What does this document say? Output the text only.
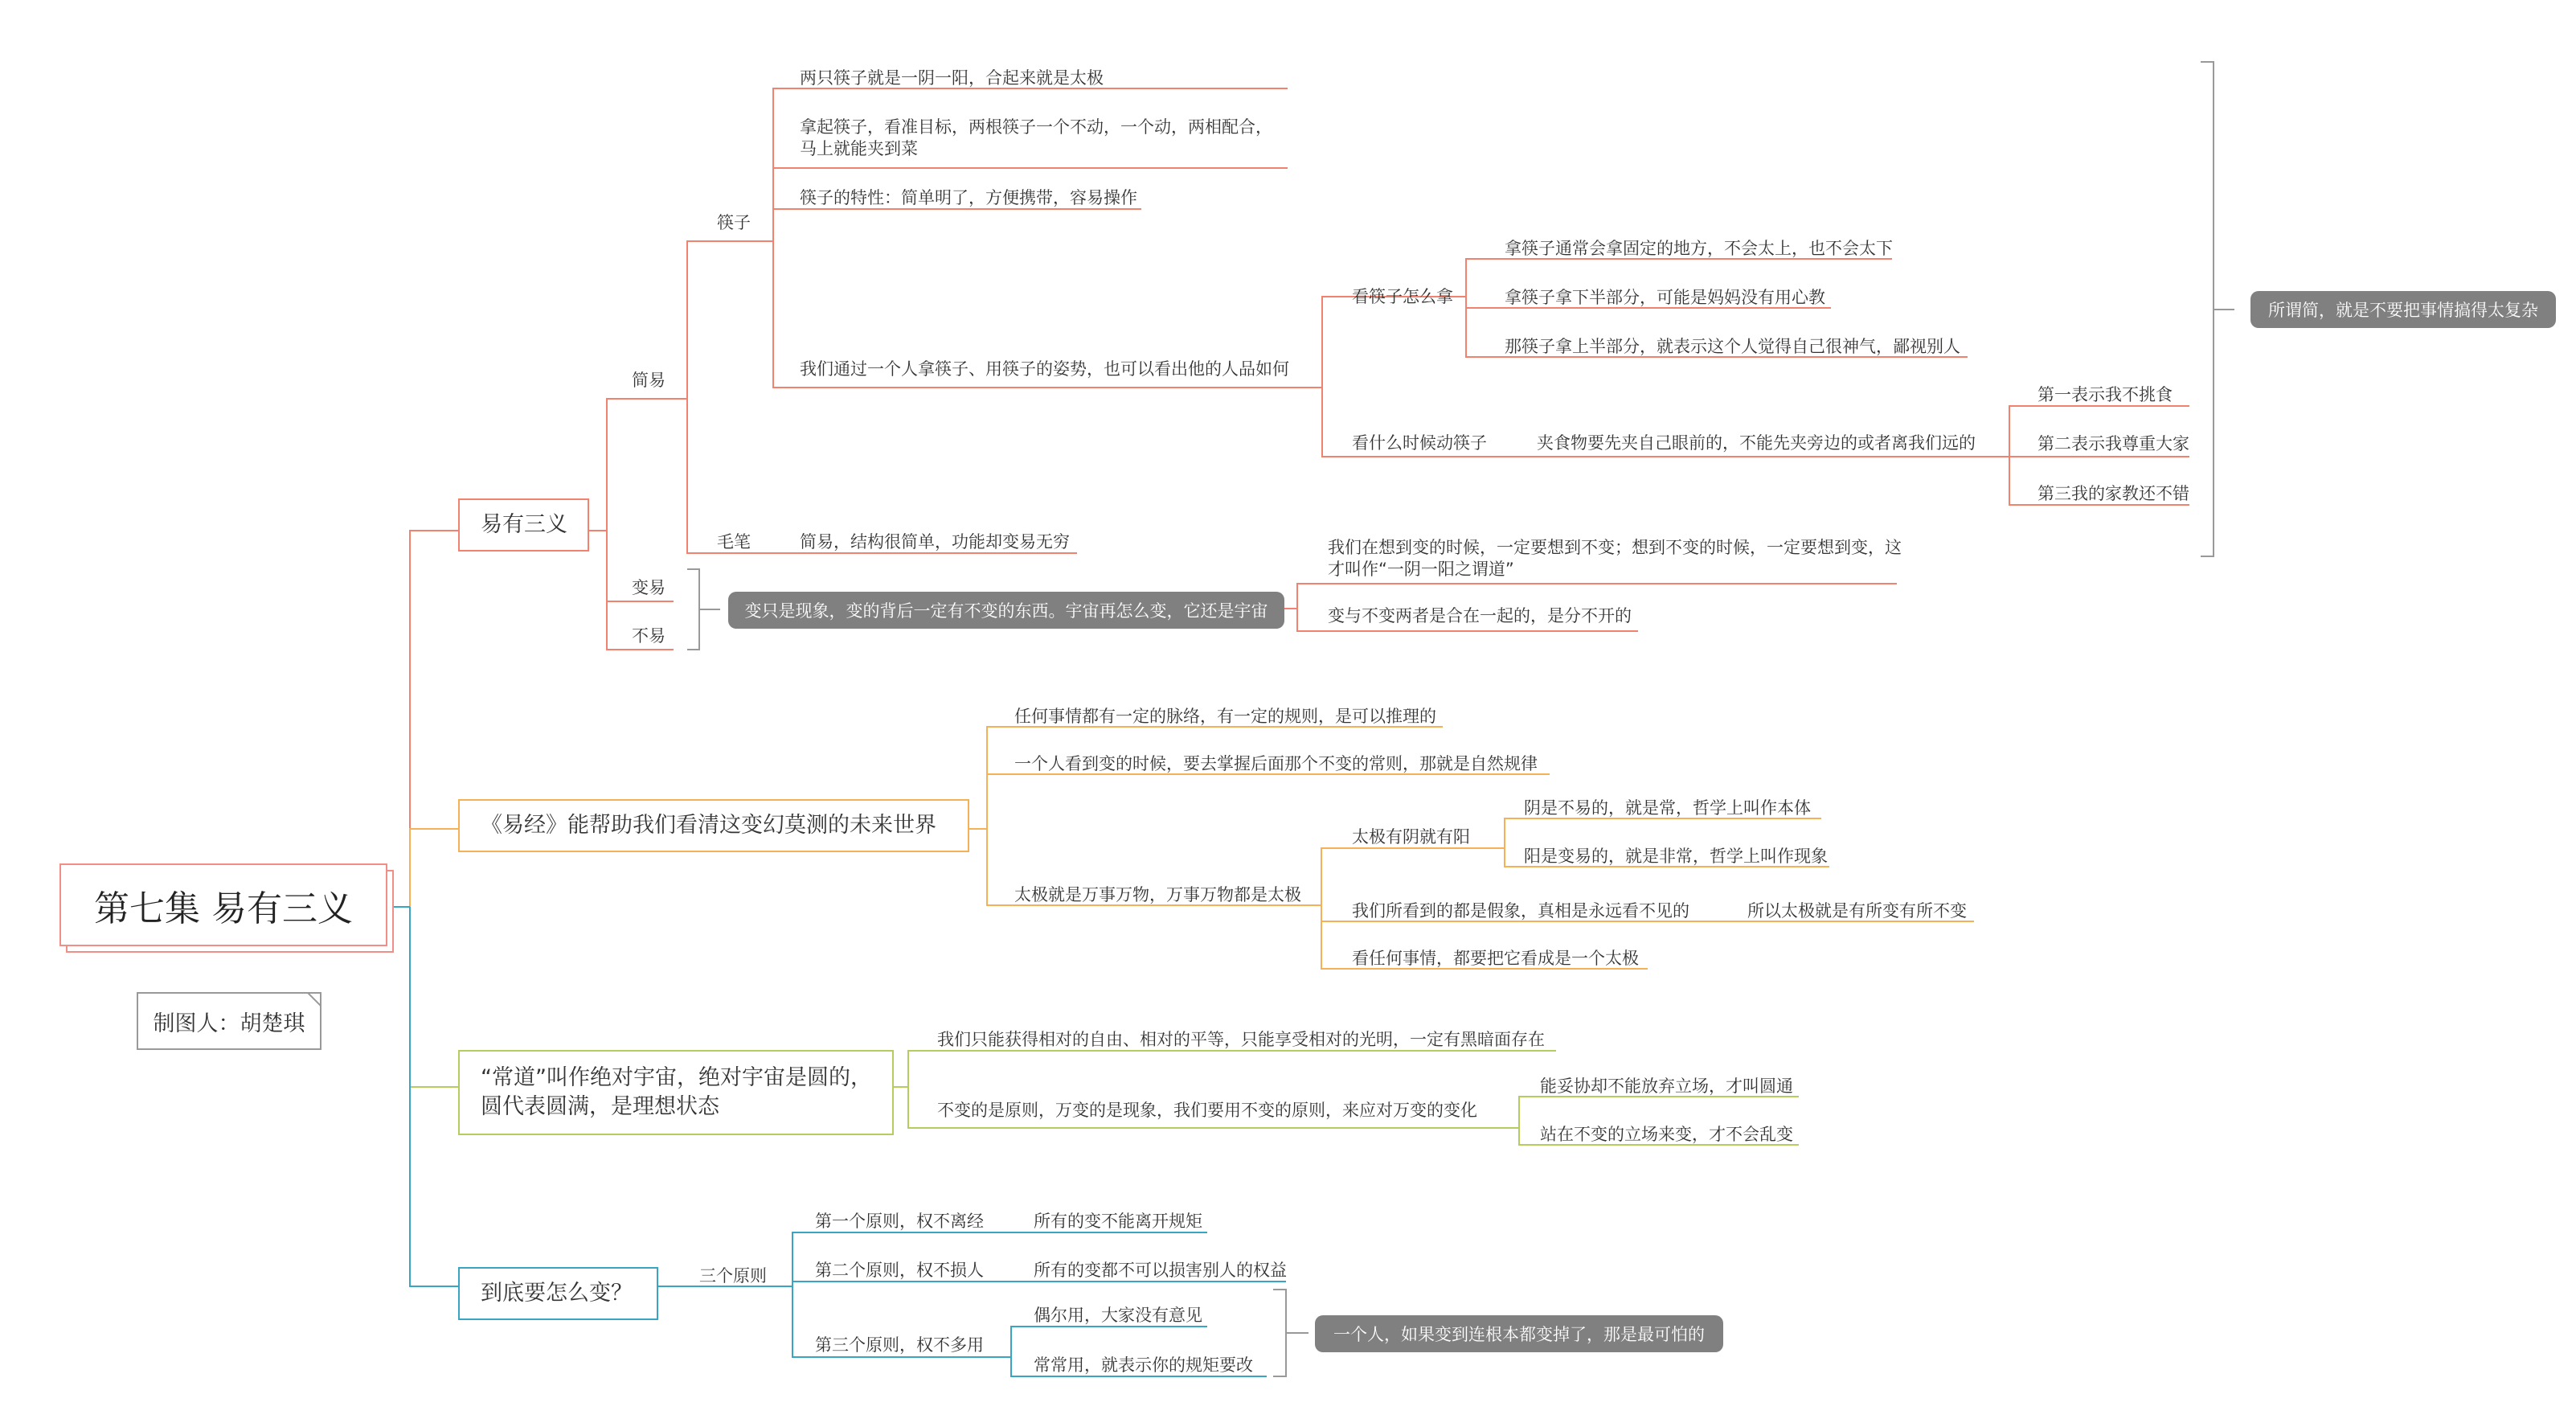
第七集 易有三义
制图人：胡楚琪
易有三义
简易
筷子
两只筷子就是一阴一阳，合起来就是太极
拿起筷子，看准目标，两根筷子一个不动，一个动，两相配合，马上就能夹到菜
筷子的特性：简单明了，方便携带，容易操作
我们通过一个人拿筷子、用筷子的姿势，也可以看出他的人品如何
看筷子怎么拿
拿筷子通常会拿固定的地方，不会太上，也不会太下
拿筷子拿下半部分，可能是妈妈没有用心教
那筷子拿上半部分，就表示这个人觉得自己很神气，鄙视别人
看什么时候动筷子	夹食物要先夹自己眼前的，不能先夹旁边的或者离我们远的
第一表示我不挑食
第二表示我尊重大家
第三我的家教还不错
所谓简，就是不要把事情搞得太复杂
毛笔	简易，结构很简单，功能却变易无穷
变易
不易
变只是现象，变的背后一定有不变的东西。宇宙再怎么变，它还是宇宙
我们在想到变的时候，一定要想到不变；想到不变的时候，一定要想到变，这才叫作“一阴一阳之谓道”
变与不变两者是合在一起的，是分不开的
《易经》能帮助我们看清这变幻莫测的未来世界
任何事情都有一定的脉络，有一定的规则，是可以推理的
一个人看到变的时候，要去掌握后面那个不变的常则，那就是自然规律
太极就是万事万物，万事万物都是太极
太极有阴就有阳
阴是不易的，就是常，哲学上叫作本体
阳是变易的，就是非常，哲学上叫作现象
我们所看到的都是假象，真相是永远看不见的	所以太极就是有所变有所不变
看任何事情，都要把它看成是一个太极
“常道”叫作绝对宇宙，绝对宇宙是圆的，圆代表圆满，是理想状态
我们只能获得相对的自由、相对的平等，只能享受相对的光明，一定有黑暗面存在
不变的是原则，万变的是现象，我们要用不变的原则，来应对万变的变化
能妥协却不能放弃立场，才叫圆通
站在不变的立场来变，才不会乱变
到底要怎么变？
三个原则
第一个原则，权不离经	所有的变不能离开规矩
第二个原则，权不损人	所有的变都不可以损害别人的权益
第三个原则，权不多用
偶尔用，大家没有意见
常常用，就表示你的规矩要改
一个人，如果变到连根本都变掉了，那是最可怕的
